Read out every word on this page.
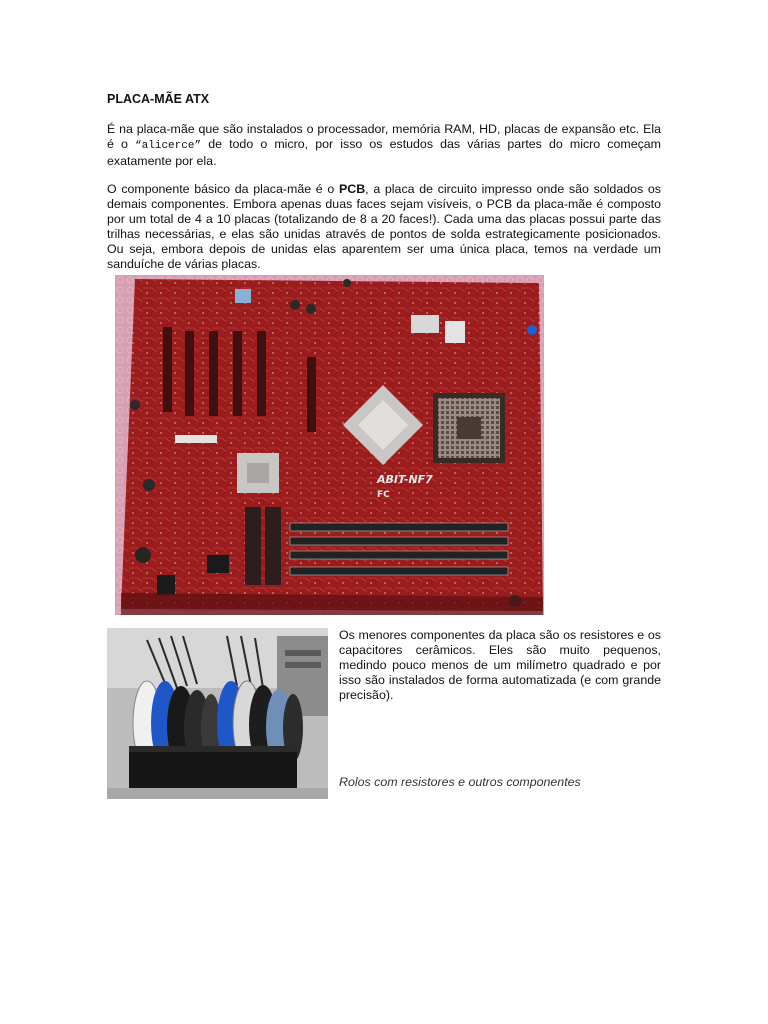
PLACA-MÃE ATX

É na placa-mãe que são instalados o processador, memória RAM, HD, placas de expansão etc. Ela é o “alicerce” de todo o micro, por isso os estudos das várias partes do micro começam exatamente por ela.

O componente básico da placa-mãe é o PCB, a placa de circuito impresso onde são soldados os demais componentes. Embora apenas duas faces sejam visíveis, o PCB da placa-mãe é composto por um total de 4 a 10 placas (totalizando de 8 a 20 faces!). Cada uma das placas possui parte das trilhas necessárias, e elas são unidas através de pontos de solda estrategicamente posicionados. Ou seja, embora depois de unidas elas aparentem ser uma única placa, temos na verdade um sanduíche de várias placas.

ABIT-NF7
FC

Os menores componentes da placa são os resistores e os capacitores cerâmicos. Eles são muito pequenos, medindo pouco menos de um milímetro quadrado e por isso são instalados de forma automatizada (e com grande precisão).

Rolos com resistores e outros componentes
